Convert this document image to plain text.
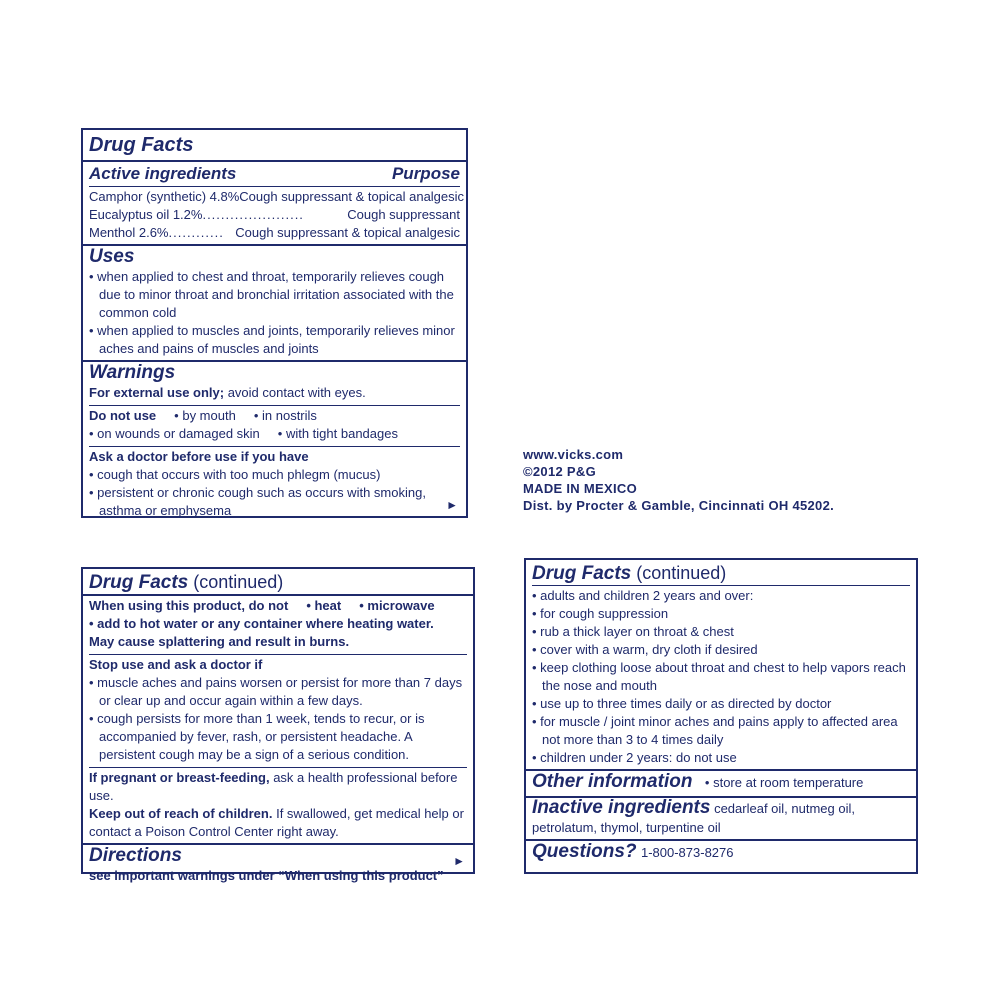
Drug Facts
Active ingredients	Purpose
Camphor (synthetic) 4.8% Cough suppressant & topical analgesic
Eucalyptus oil 1.2% ......................	Cough suppressant
Menthol 2.6% ............ Cough suppressant & topical analgesic
Uses
• when applied to chest and throat, temporarily relieves cough due to minor throat and bronchial irritation associated with the common cold
• when applied to muscles and joints, temporarily relieves minor aches and pains of muscles and joints
Warnings
For external use only; avoid contact with eyes.
Do not use • by mouth • in nostrils
• on wounds or damaged skin • with tight bandages
Ask a doctor before use if you have
• cough that occurs with too much phlegm (mucus)
• persistent or chronic cough such as occurs with smoking, asthma or emphysema	►
www.vicks.com
©2012 P&G
MADE IN MEXICO
Dist. by Procter & Gamble, Cincinnati OH 45202.
Drug Facts (continued)
When using this product, do not • heat • microwave
• add to hot water or any container where heating water.
May cause splattering and result in burns.
Stop use and ask a doctor if
• muscle aches and pains worsen or persist for more than 7 days or clear up and occur again within a few days.
• cough persists for more than 1 week, tends to recur, or is accompanied by fever, rash, or persistent headache. A persistent cough may be a sign of a serious condition.
If pregnant or breast-feeding, ask a health professional before use.
Keep out of reach of children. If swallowed, get medical help or contact a Poison Control Center right away.
Directions
see important warnings under “When using this product”
►
Drug Facts (continued)
• adults and children 2 years and over:
• for cough suppression
• rub a thick layer on throat & chest
• cover with a warm, dry cloth if desired
• keep clothing loose about throat and chest to help vapors reach the nose and mouth
• use up to three times daily or as directed by doctor
• for muscle / joint minor aches and pains apply to affected area not more than 3 to 4 times daily
• children under 2 years: do not use
Other information • store at room temperature
Inactive ingredients cedarleaf oil, nutmeg oil, petrolatum, thymol, turpentine oil
Questions? 1-800-873-8276
